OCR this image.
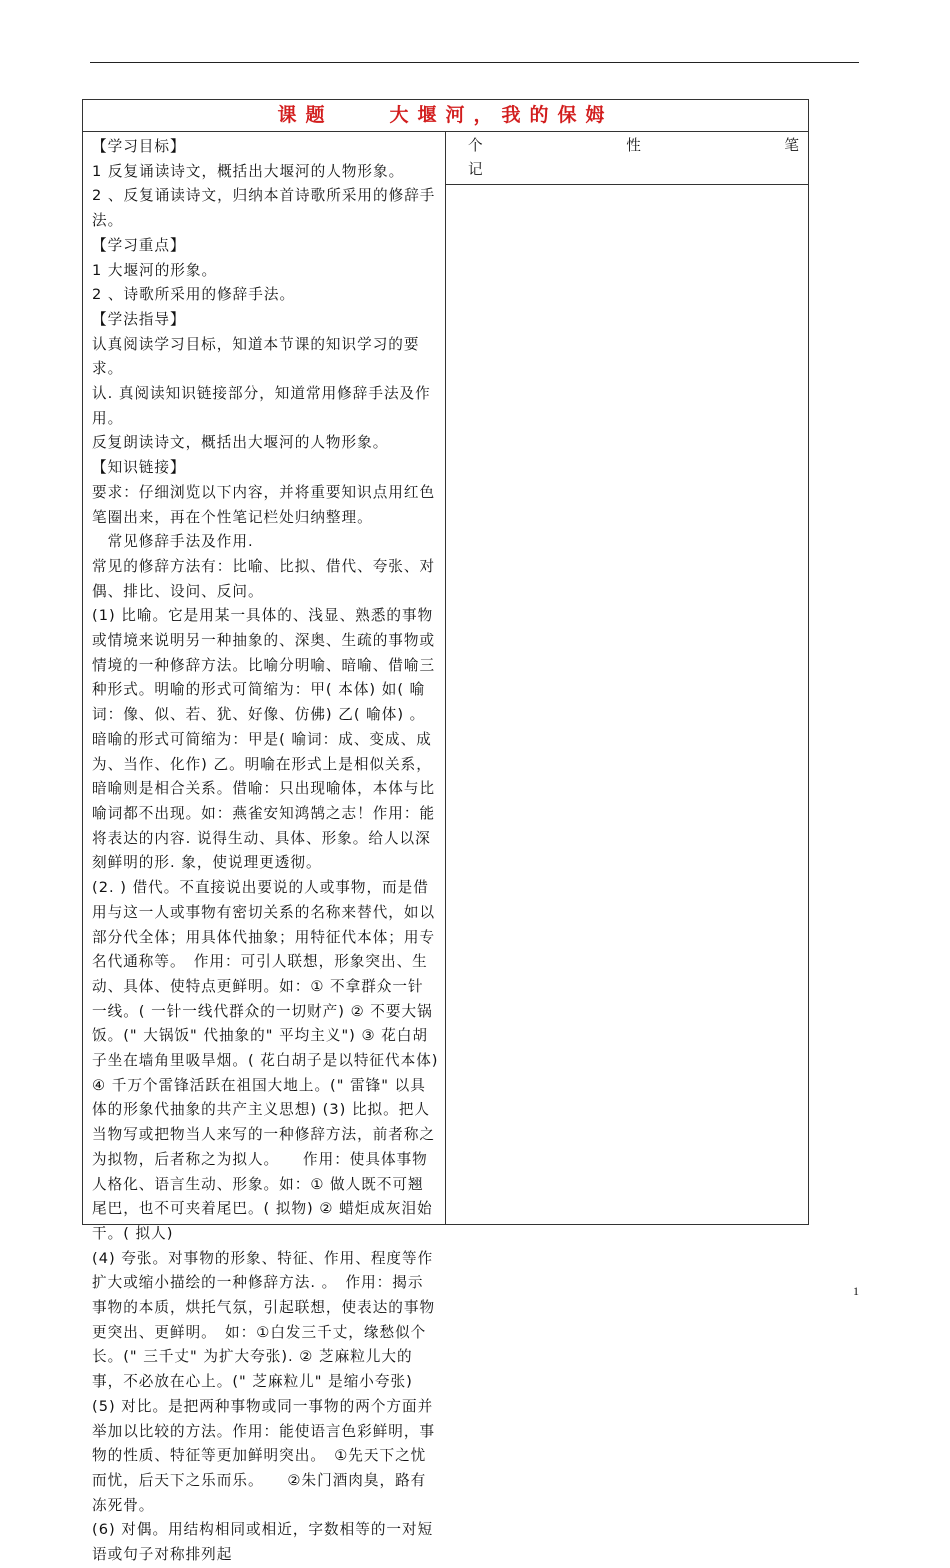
课题　　大堰河，我的保姆

【学习目标】

1 反复诵读诗文，概括出大堰河的人物形象。

2 、反复诵读诗文，归纳本首诗歌所采用的修辞手法。

【学习重点】

1 大堰河的形象。

2 、诗歌所采用的修辞手法。

【学法指导】

认真阅读学习目标，知道本节课的知识学习的要求。

认. 真阅读知识链接部分，知道常用修辞手法及作用。

反复朗读诗文，概括出大堰河的人物形象。

【知识链接】

要求：仔细浏览以下内容，并将重要知识点用红色笔圈出来，再在个性笔记栏处归纳整理。

　常见修辞手法及作用.

常见的修辞方法有：比喻、比拟、借代、夸张、对偶、排比、设问、反问。

(1) 比喻。它是用某一具体的、浅显、熟悉的事物或情境来说明另一种抽象的、深奥、生疏的事物或情境的一种修辞方法。比喻分明喻、暗喻、借喻三种形式。明喻的形式可简缩为：甲( 本体) 如( 喻词：像、似、若、犹、好像、仿佛) 乙( 喻体) 。暗喻的形式可简缩为：甲是( 喻词：成、变成、成为、当作、化作) 乙。明喻在形式上是相似关系，暗喻则是相合关系。借喻：只出现喻体，本体与比喻词都不出现。如：燕雀安知鸿鹄之志！作用：能将表达的内容. 说得生动、具体、形象。给人以深刻鲜明的形. 象，使说理更透彻。

(2. ) 借代。不直接说出要说的人或事物，而是借用与这一人或事物有密切关系的名称来替代，如以部分代全体；用具体代抽象；用特征代本体；用专名代通称等。　作用：可引人联想，形象突出、生动、具体、使特点更鲜明。如：① 不拿群众一针一线。( 一针一线代群众的一切财产) ② 不要大锅饭。(" 大锅饭" 代抽象的" 平均主义") ③ 花白胡子坐在墙角里吸旱烟。( 花白胡子是以特征代本体) ④ 千万个雷锋活跃在祖国大地上。(" 雷锋" 以具体的形象代抽象的共产主义思想) (3) 比拟。把人当物写或把物当人来写的一种修辞方法，前者称之为拟物，后者称之为拟人。　　作用：使具体事物人格化、语言生动、形象。如：① 做人既不可翘尾巴，也不可夹着尾巴。( 拟物) ② 蜡炬成灰泪始干。( 拟人)

(4) 夸张。对事物的形象、特征、作用、程度等作扩大或缩小描绘的一种修辞方法. 。　作用：揭示事物的本质，烘托气氛，引起联想，使表达的事物更突出、更鲜明。　如：①白发三千丈，缘愁似个长。(" 三千丈" 为扩大夸张). ② 芝麻粒儿大的事，不必放在心上。(" 芝麻粒儿" 是缩小夸张)

(5) 对比。是把两种事物或同一事物的两个方面并举加以比较的方法。作用：能使语言色彩鲜明，事物的性质、特征等更加鲜明突出。　①先天下之忧而忧，后天下之乐而乐。　　②朱门酒肉臭，路有冻死骨。

(6) 对偶。用结构相同或相近，字数相等的一对短语或句子对称排列起

个	性	笔
记
1
